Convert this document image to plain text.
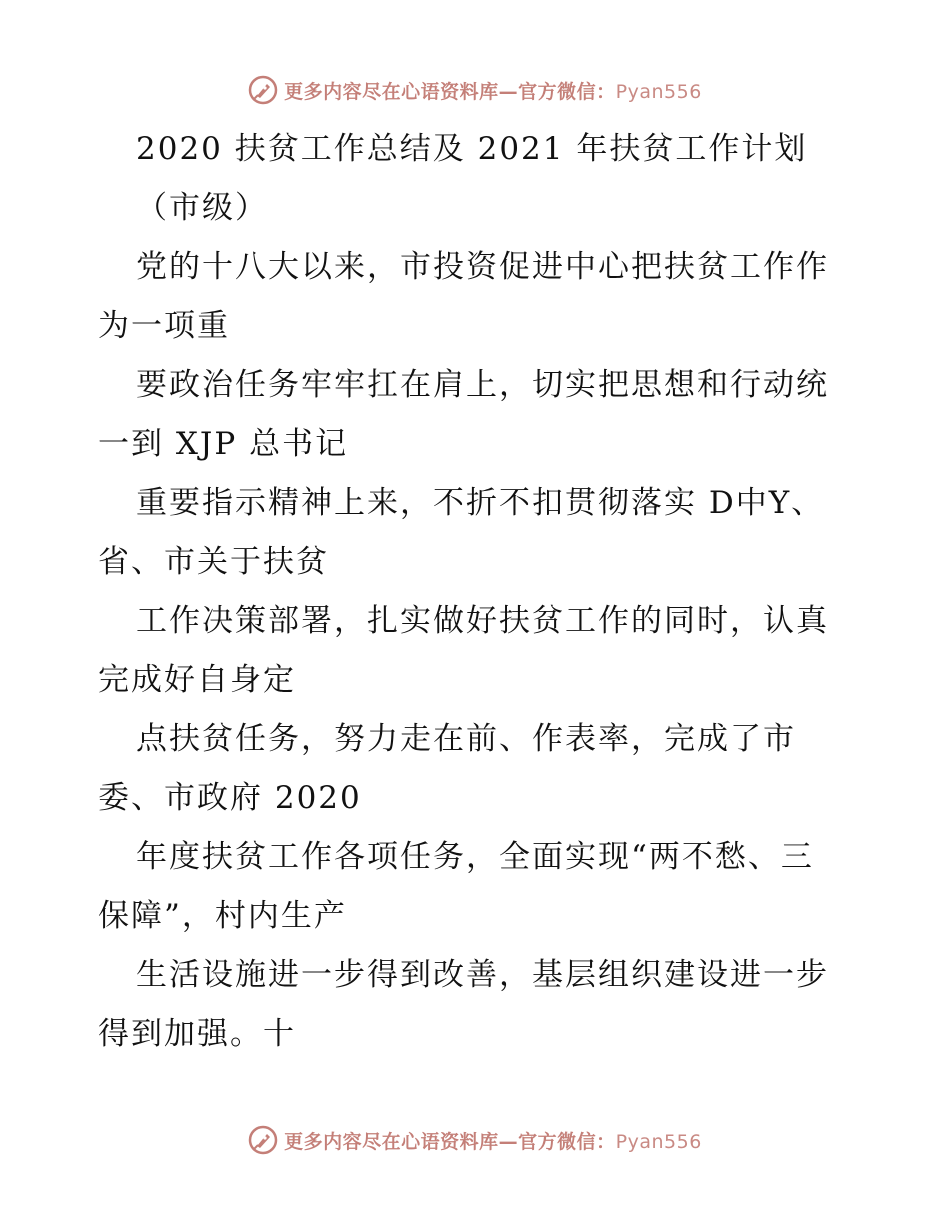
更多内容尽在心语资料库—官方微信：Pyan556
2020 扶贫工作总结及 2021 年扶贫工作计划
（市级）
党的十八大以来，市投资促进中心把扶贫工作作
为一项重
要政治任务牢牢扛在肩上，切实把思想和行动统
一到 XJP 总书记
重要指示精神上来，不折不扣贯彻落实 D中Y、
省、市关于扶贫
工作决策部署，扎实做好扶贫工作的同时，认真
完成好自身定
点扶贫任务，努力走在前、作表率，完成了市
委、市政府 2020
年度扶贫工作各项任务，全面实现“两不愁、三
保障”，村内生产
生活设施进一步得到改善，基层组织建设进一步
得到加强。十
更多内容尽在心语资料库—官方微信：Pyan556
